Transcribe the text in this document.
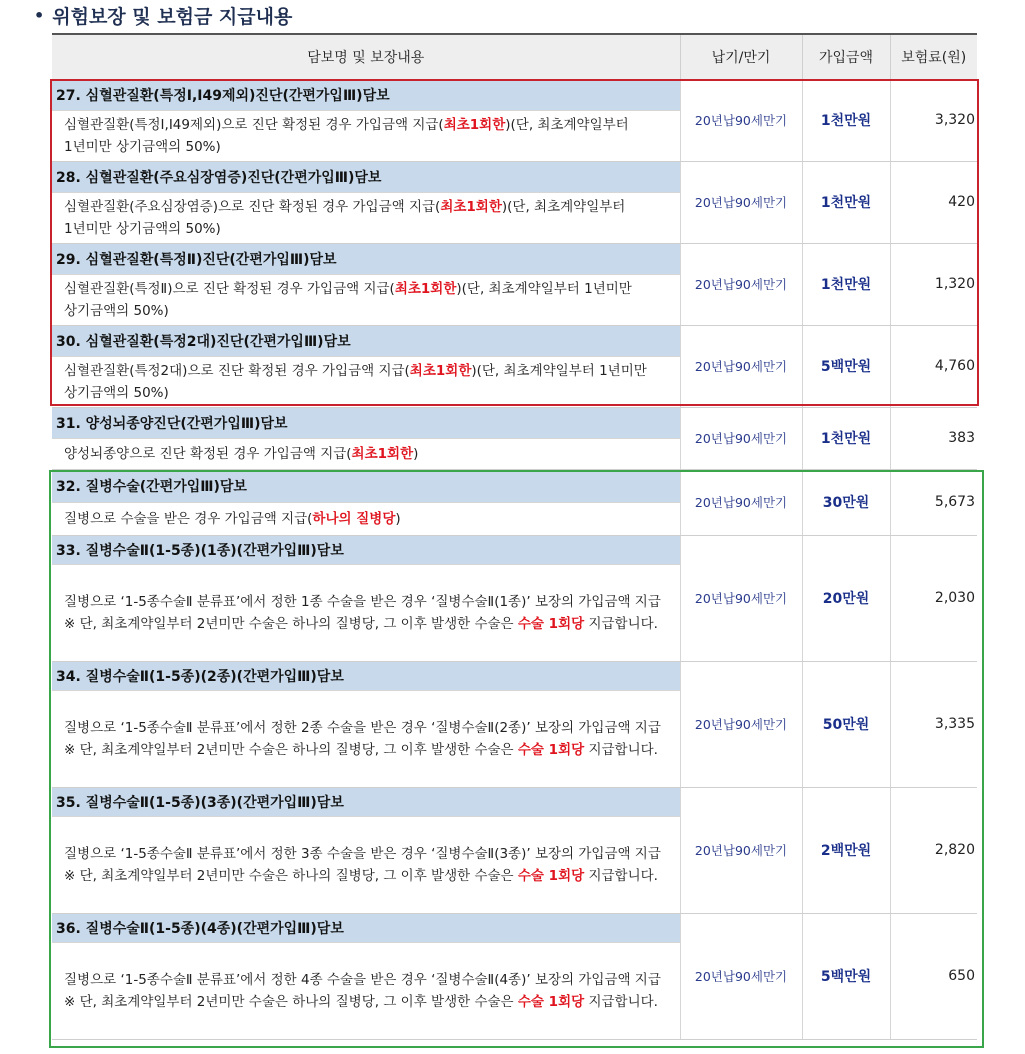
• 위험보장 및 보험금 지급내용
담보명 및 보장내용	납기/만기	가입금액	보험료(원)
27. 심혈관질환(특정Ⅰ,I49제외)진단(간편가입Ⅲ)담보	20년납90세만기	1천만원	3,320
심혈관질환(특정Ⅰ,I49제외)으로 진단 확정된 경우 가입금액 지급(최초1회한)(단, 최초계약일부터 1년미만 상기금액의 50%)			
28. 심혈관질환(주요심장염증)진단(간편가입Ⅲ)담보	20년납90세만기	1천만원	420
심혈관질환(주요심장염증)으로 진단 확정된 경우 가입금액 지급(최초1회한)(단, 최초계약일부터 1년미만 상기금액의 50%)			
29. 심혈관질환(특정Ⅱ)진단(간편가입Ⅲ)담보	20년납90세만기	1천만원	1,320
심혈관질환(특정Ⅱ)으로 진단 확정된 경우 가입금액 지급(최초1회한)(단, 최초계약일부터 1년미만 상기금액의 50%)			
30. 심혈관질환(특정2대)진단(간편가입Ⅲ)담보	20년납90세만기	5백만원	4,760
심혈관질환(특정2대)으로 진단 확정된 경우 가입금액 지급(최초1회한)(단, 최초계약일부터 1년미만 상기금액의 50%)			
31. 양성뇌종양진단(간편가입Ⅲ)담보	20년납90세만기	1천만원	383
양성뇌종양으로 진단 확정된 경우 가입금액 지급(최초1회한)			
32. 질병수술(간편가입Ⅲ)담보	20년납90세만기	30만원	5,673
질병으로 수술을 받은 경우 가입금액 지급(하나의 질병당)			
33. 질병수술Ⅱ(1-5종)(1종)(간편가입Ⅲ)담보	20년납90세만기	20만원	2,030

질병으로 ‘1-5종수술Ⅱ 분류표’에서 정한 1종 수술을 받은 경우 ‘질병수술Ⅱ(1종)’ 보장의 가입금액 지급

※ 단, 최초계약일부터 2년미만 수술은 하나의 질병당, 그 이후 발생한 수술은 수술 1회당 지급합니다.			

34. 질병수술Ⅱ(1-5종)(2종)(간편가입Ⅲ)담보	20년납90세만기	50만원	3,335

질병으로 ‘1-5종수술Ⅱ 분류표’에서 정한 2종 수술을 받은 경우 ‘질병수술Ⅱ(2종)’ 보장의 가입금액 지급

※ 단, 최초계약일부터 2년미만 수술은 하나의 질병당, 그 이후 발생한 수술은 수술 1회당 지급합니다.			

35. 질병수술Ⅱ(1-5종)(3종)(간편가입Ⅲ)담보	20년납90세만기	2백만원	2,820

질병으로 ‘1-5종수술Ⅱ 분류표’에서 정한 3종 수술을 받은 경우 ‘질병수술Ⅱ(3종)’ 보장의 가입금액 지급

※ 단, 최초계약일부터 2년미만 수술은 하나의 질병당, 그 이후 발생한 수술은 수술 1회당 지급합니다.			

36. 질병수술Ⅱ(1-5종)(4종)(간편가입Ⅲ)담보	20년납90세만기	5백만원	650

질병으로 ‘1-5종수술Ⅱ 분류표’에서 정한 4종 수술을 받은 경우 ‘질병수술Ⅱ(4종)’ 보장의 가입금액 지급

※ 단, 최초계약일부터 2년미만 수술은 하나의 질병당, 그 이후 발생한 수술은 수술 1회당 지급합니다.			
